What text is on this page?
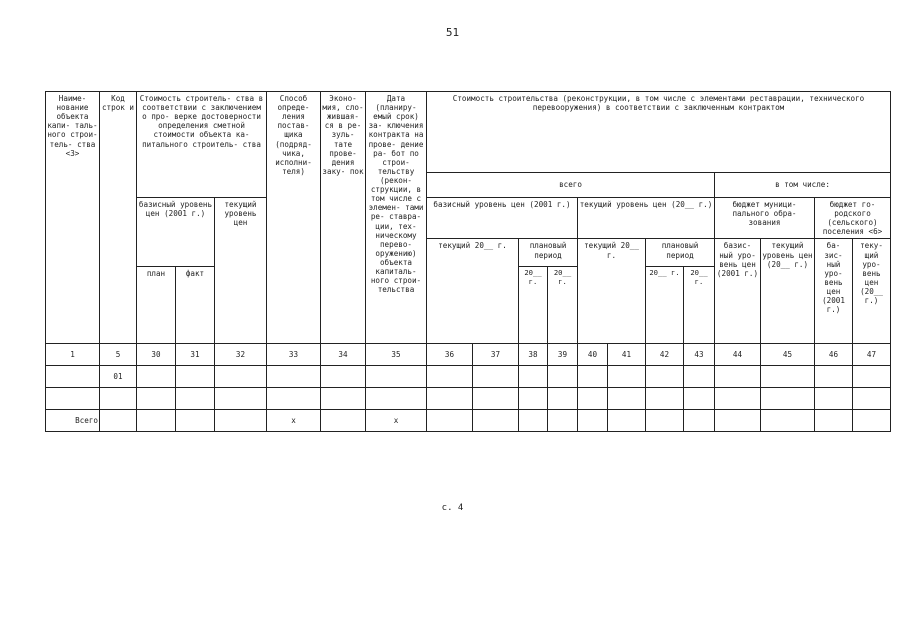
51
Наиме- нование объекта капи- таль- ного строи- тель- ства <3>	Код строк и	Стоимость строитель- ства в соответствии с заключением о про- верке достоверности определения сметной стоимости объекта ка- питального строитель- ства			Способ опреде- ления постав- щика (подряд- чика, исполни- теля)	Эконо- мия, сло- жившая- ся в ре- зуль- тате прове- дения заку- пок	Дата (планиру- емый срок) за- ключения контракта на прове- дение ра- бот по строи- тельству (рекон- струкции, в том числе с элемен- тами ре- ставра- ции, тех- ническому перево- оружению) объекта капиталь- ного строи- тельства	Стоимость строительства (реконструкции, в том числе с элементами реставрации, технического перевооружения) в соответствии с заключенным контрактом											
								всего								в том числе:			
		базисный уровень цен (2001 г.)		текущий уровень цен				базисный уровень цен (2001 г.)				текущий уровень цен (20__ г.)				бюджет муници- пального обра- зования		бюджет го- родского (сельского) поселения <6>	
								текущий 20__ г.		плановый период		текущий 20__ г.		плановый период		базис- ный уро- вень цен (2001 г.)	текущий уровень цен (20__ г.)	ба- зис- ный уро- вень цен (2001 г.)	теку- щий уро- вень цен (20__ г.)
		план	факт							20__ г.	20__ г.			20__ г.	20__ г.				
1	5	30	31	32	33	34	35	36	37	38	39	40	41	42	43	44	45	46	47
	01																		

Всего					x		x												
с. 4
